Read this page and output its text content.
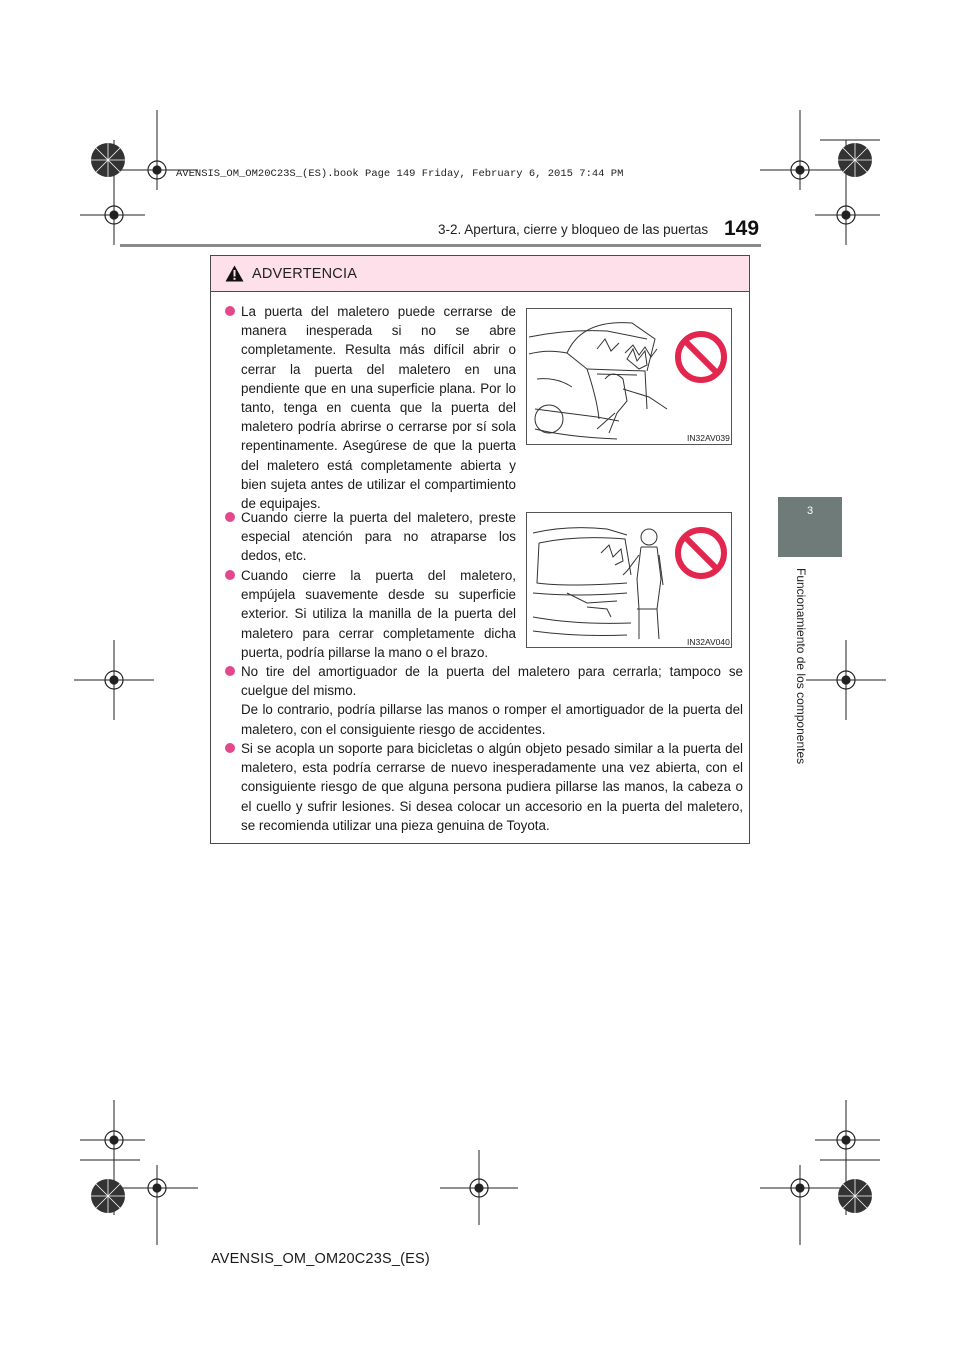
AVENSIS_OM_OM20C23S_(ES).book Page 149 Friday, February 6, 2015 7:44 PM
3-2. Apertura, cierre y bloqueo de las puertas 149
3
Funcionamiento de los componentes
ADVERTENCIA
La puerta del maletero puede cerrarse de manera inesperada si no se abre completamente. Resulta más difícil abrir o cerrar la puerta del maletero en una pendiente que en una superficie plana. Por lo tanto, tenga en cuenta que la puerta del maletero podría abrirse o cerrarse por sí sola repentinamente. Asegúrese de que la puerta del maletero está completamente abierta y bien sujeta antes de utilizar el compartimiento de equipajes.
Cuando cierre la puerta del maletero, preste especial atención para no atraparse los dedos, etc.
Cuando cierre la puerta del maletero, empújela suavemente desde su superficie exterior. Si utiliza la manilla de la puerta del maletero para cerrar completamente dicha puerta, podría pillarse la mano o el brazo.
No tire del amortiguador de la puerta del maletero para cerrarla; tampoco se cuelgue del mismo.
De lo contrario, podría pillarse las manos o romper el amortiguador de la puerta del maletero, con el consiguiente riesgo de accidentes.
Si se acopla un soporte para bicicletas o algún objeto pesado similar a la puerta del maletero, esta podría cerrarse de nuevo inesperadamente una vez abierta, con el consiguiente riesgo de que alguna persona pudiera pillarse las manos, la cabeza o el cuello y sufrir lesiones. Si desea colocar un accesorio en la puerta del maletero, se recomienda utilizar una pieza genuina de Toyota.
IN32AV039
IN32AV040
AVENSIS_OM_OM20C23S_(ES)
